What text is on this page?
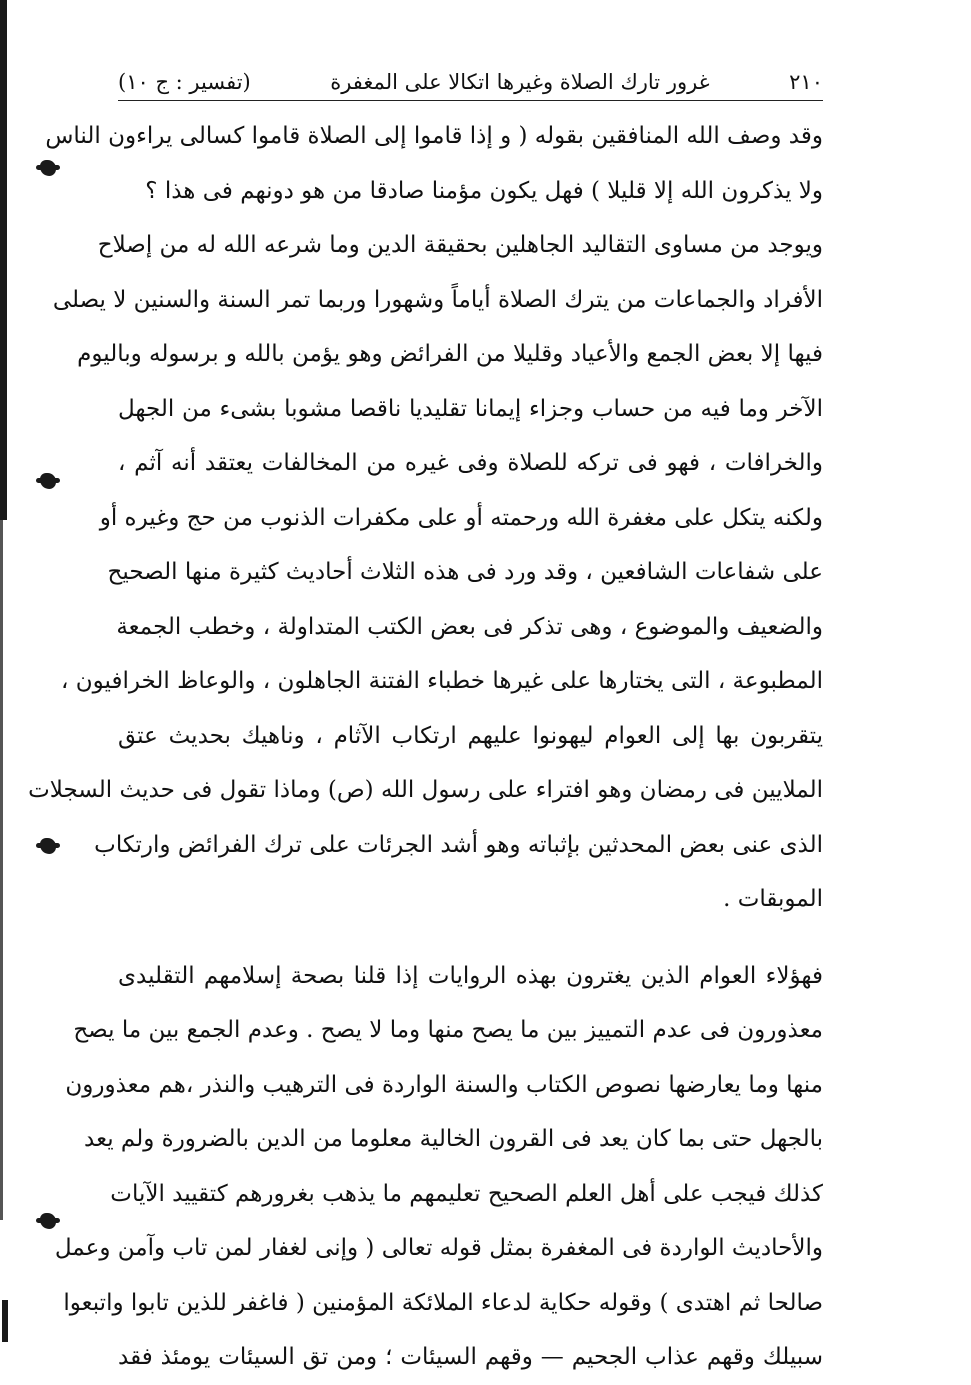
٢١٠
غرور تارك الصلاة وغيرها اتكالا على المغفرة
(تفسير : ج ١٠)

وقد وصف الله المنافقين بقوله ( و إذا قاموا إلى الصلاة قاموا كسالى يراءون الناس
ولا يذكرون الله إلا قليلا ) فهل يكون مؤمنا صادقا من هو دونهم فى هذا ؟

ويوجد من مساوى التقاليد الجاهلين بحقيقة الدين وما شرعه الله له من إصلاح
الأفراد والجماعات من يترك الصلاة أياماً وشهورا وربما تمر السنة والسنين لا يصلى
فيها إلا بعض الجمع والأعياد وقليلا من الفرائض وهو يؤمن بالله و برسوله وباليوم
الآخر وما فيه من حساب وجزاء إيمانا تقليديا ناقصا مشوبا بشىء من الجهل
والخرافات ، فهو فى تركه للصلاة وفى غيره من المخالفات يعتقد أنه آثم ،
ولكنه يتكل على مغفرة الله ورحمته أو على مكفرات الذنوب من حج وغيره أو
على شفاعات الشافعين ، وقد ورد فى هذه الثلاث أحاديث كثيرة منها الصحيح
والضعيف والموضوع ، وهى تذكر فى بعض الكتب المتداولة ، وخطب الجمعة
المطبوعة ، التى يختارها على غيرها خطباء الفتنة الجاهلون ، والوعاظ الخرافيون ،
يتقربون بها إلى العوام ليهونوا عليهم ارتكاب الآثام ، وناهيك بحديث عتق
الملايين فى رمضان وهو افتراء على رسول الله (ص) وماذا تقول فى حديث السجلات
الذى عنى بعض المحدثين بإثباته وهو أشد الجرئات على ترك الفرائض وارتكاب
الموبقات .

فهؤلاء العوام الذين يغترون بهذه الروايات إذا قلنا بصحة إسلامهم التقليدى
معذورون فى عدم التمييز بين ما يصح منها وما لا يصح . وعدم الجمع بين ما يصح
منها وما يعارضها نصوص الكتاب والسنة الواردة فى الترهيب والنذر ،هم معذورون
بالجهل حتى بما كان يعد فى القرون الخالية معلوما من الدين بالضرورة ولم يعد
كذلك فيجب على أهل العلم الصحيح تعليمهم ما يذهب بغرورهم كتقييد الآيات
والأحاديث الواردة فى المغفرة بمثل قوله تعالى ( وإنى لغفار لمن تاب وآمن وعمل
صالحا ثم اهتدى ) وقوله حكاية لدعاء الملائكة المؤمنين ( فاغفر للذين تابوا واتبعوا
سبيلك وقهم عذاب الجحيم — وقهم السيئات ؛ ومن تق السيئات يومئذ فقد
